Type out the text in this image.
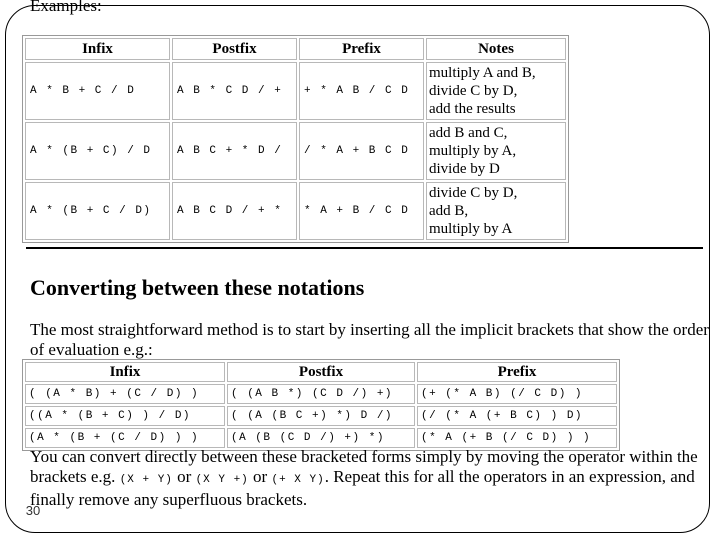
Examples:
Infix	Postfix	Prefix	Notes
A * B + C / D	A B * C D / +	+ * A B / C D	multiply A and B,
divide C by D,
add the results

A * (B + C) / D	A B C + * D /	/ * A + B C D	add B and C,
multiply by A,
divide by D

A * (B + C / D)	A B C D / + *	* A + B / C D	divide C by D,
add B,
multiply by A
Converting between these notations

The most straightforward method is to start by inserting all the implicit brackets that show the order of evaluation e.g.:

Infix	Postfix	Prefix
( (A * B) + (C / D) )	( (A B *) (C D /) +)	(+ (* A B) (/ C D) )
((A * (B + C) ) / D)	( (A (B C +) *) D /)	(/ (* A (+ B C) ) D)
(A * (B + (C / D) ) )	(A (B (C D /) +) *)	(* A (+ B (/ C D) ) )

You can convert directly between these bracketed forms simply by moving the operator within the brackets e.g. (X + Y) or (X Y +) or (+ X Y). Repeat this for all the operators in an expression, and finally remove any superfluous brackets.

30
